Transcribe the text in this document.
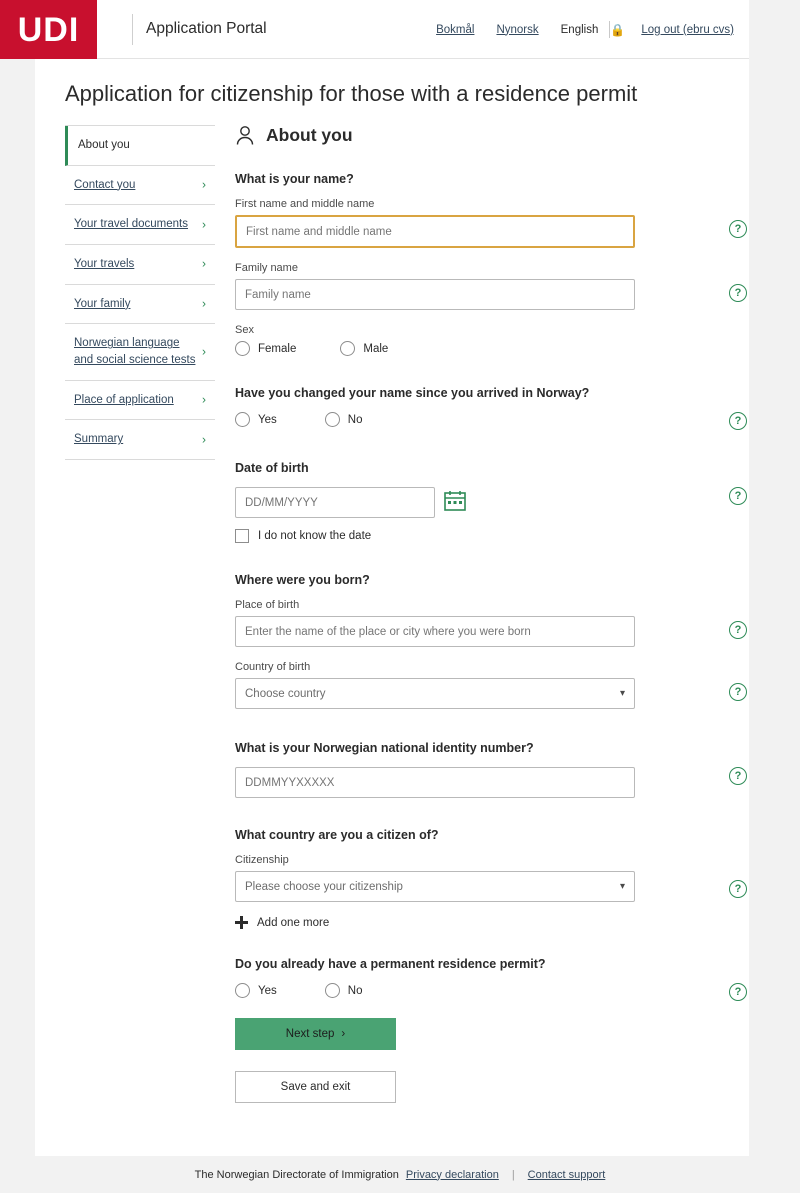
UDI	Application Portal	Bokmål Nynorsk English 🔒 Log out (ebru cvs)
Application for citizenship for those with a residence permit
About you
Contact you	›
Your travel documents ›
Your travels	›
Your family	›
Norwegian language and social science tests
›
Place of application ›
Summary	›
About you
What is your name?
First name and middle name
First name and middle name
?
Family name
Family name
?
Sex
Female	Male
Have you changed your name since you arrived in Norway?
Yes	No	?
Date of birth
DD/MM/YYYY
I do not know the date
?
Where were you born?
Place of birth
Enter the name of the place or city where you were born
?
Country of birth
Choose country	▾	?
What is your Norwegian national identity number?
DDMMYYXXXXX
?
What country are you a citizen of?
Citizenship
Please choose your citizenship	▾
Add one more
?
Do you already have a permanent residence permit?
Yes	No	?
Next step ›
Save and exit
The Norwegian Directorate of Immigration Privacy declaration | Contact support
